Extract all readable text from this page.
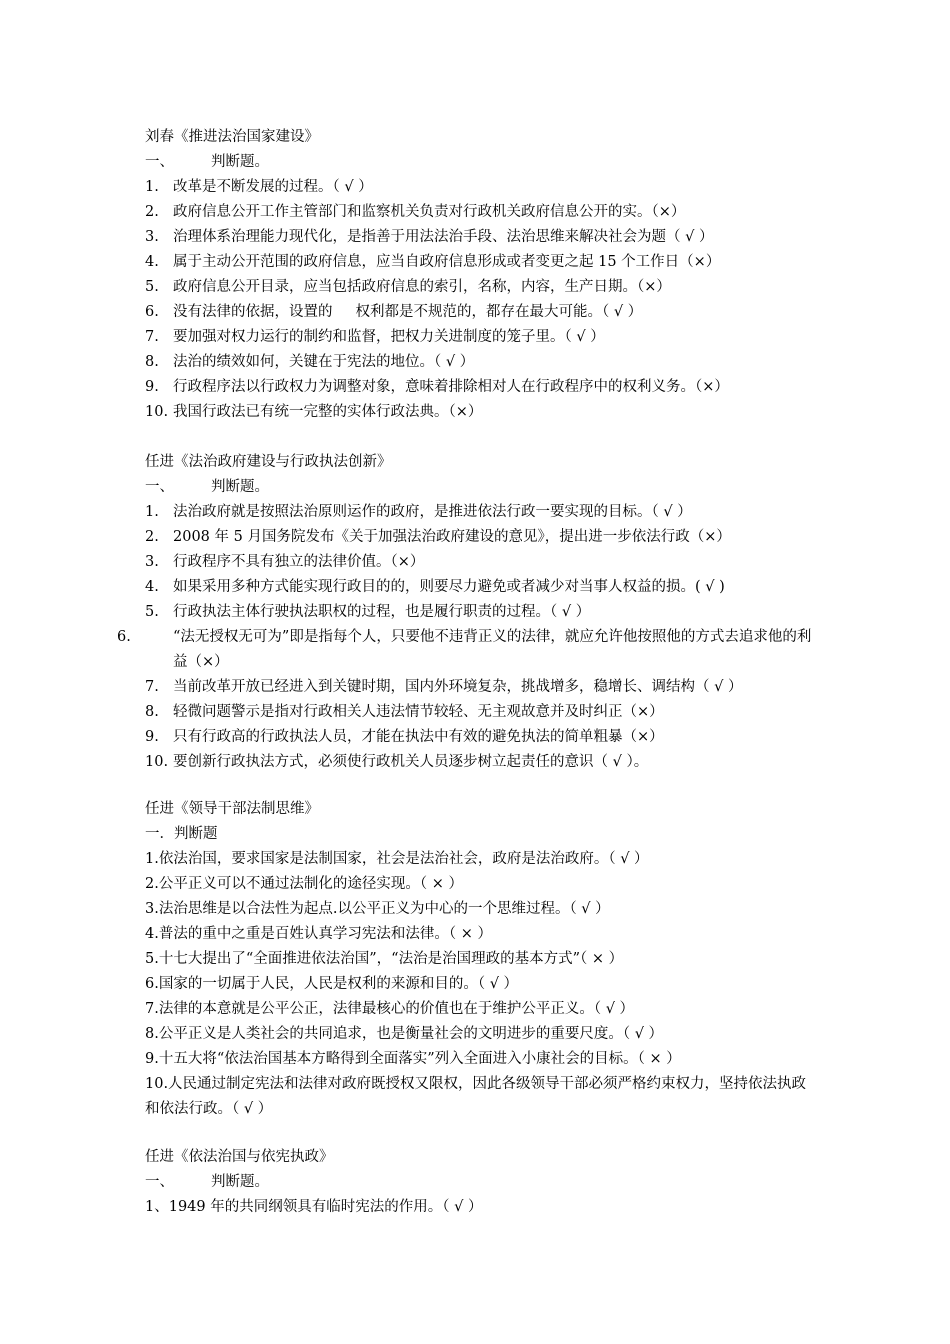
刘春《推进法治国家建设》
一、	判断题。
1. 改革是不断发展的过程。（ √ ）
2. 政府信息公开工作主管部门和监察机关负责对行政机关政府信息公开的实。（×）
3. 治理体系治理能力现代化，是指善于用法法治手段、法治思维来解决社会为题（ √ ）
4. 属于主动公开范围的政府信息，应当自政府信息形成或者变更之起 15 个工作日（×）
5. 政府信息公开目录，应当包括政府信息的索引，名称，内容，生产日期。（×）
6. 没有法律的依据，设置的     权利都是不规范的，都存在最大可能。（ √ ）
7. 要加强对权力运行的制约和监督，把权力关进制度的笼子里。（ √ ）
8. 法治的绩效如何，关键在于宪法的地位。（ √ ）
9. 行政程序法以行政权力为调整对象，意味着排除相对人在行政程序中的权利义务。（×）
10. 我国行政法已有统一完整的实体行政法典。（×）
任进《法治政府建设与行政执法创新》
一、	判断题。
1. 法治政府就是按照法治原则运作的政府，是推进依法行政一要实现的目标。（ √ ）
2. 2008 年 5 月国务院发布《关于加强法治政府建设的意见》，提出进一步依法行政（×）
3. 行政程序不具有独立的法律价值。（×）
4. 如果采用多种方式能实现行政目的的，则要尽力避免或者减少对当事人权益的损。( √ )
5. 行政执法主体行驶执法职权的过程，也是履行职责的过程。（ √ ）
6.	“法无授权无可为”即是指每个人，只要他不违背正义的法律，就应允许他按照他的方式去追求他的利益（×）
7. 当前改革开放已经进入到关键时期，国内外环境复杂，挑战增多，稳增长、调结构（ √ ）
8. 轻微问题警示是指对行政相关人违法情节较轻、无主观故意并及时纠正（×）
9. 只有行政高的行政执法人员，才能在执法中有效的避免执法的简单粗暴（×）
10. 要创新行政执法方式，必须使行政机关人员逐步树立起责任的意识（ √ ）。
任进《领导干部法制思维》
一．判断题
1.依法治国，要求国家是法制国家，社会是法治社会，政府是法治政府。（ √ ）
2.公平正义可以不通过法制化的途径实现。（ × ）
3.法治思维是以合法性为起点.以公平正义为中心的一个思维过程。（ √ ）
4.普法的重中之重是百姓认真学习宪法和法律。（ × ）
5.十七大提出了“全面推进依法治国”，“法治是治国理政的基本方式”（ × ）
6.国家的一切属于人民，人民是权利的来源和目的。（ √ ）
7.法律的本意就是公平公正，法律最核心的价值也在于维护公平正义。（ √ ）
8.公平正义是人类社会的共同追求，也是衡量社会的文明进步的重要尺度。（ √ ）
9.十五大将“依法治国基本方略得到全面落实”列入全面进入小康社会的目标。（ × ）
10.人民通过制定宪法和法律对政府既授权又限权，因此各级领导干部必须严格约束权力，坚持依法执政和依法行政。（ √ ）
任进《依法治国与依宪执政》
一、	判断题。
1、1949 年的共同纲领具有临时宪法的作用。（ √ ）
